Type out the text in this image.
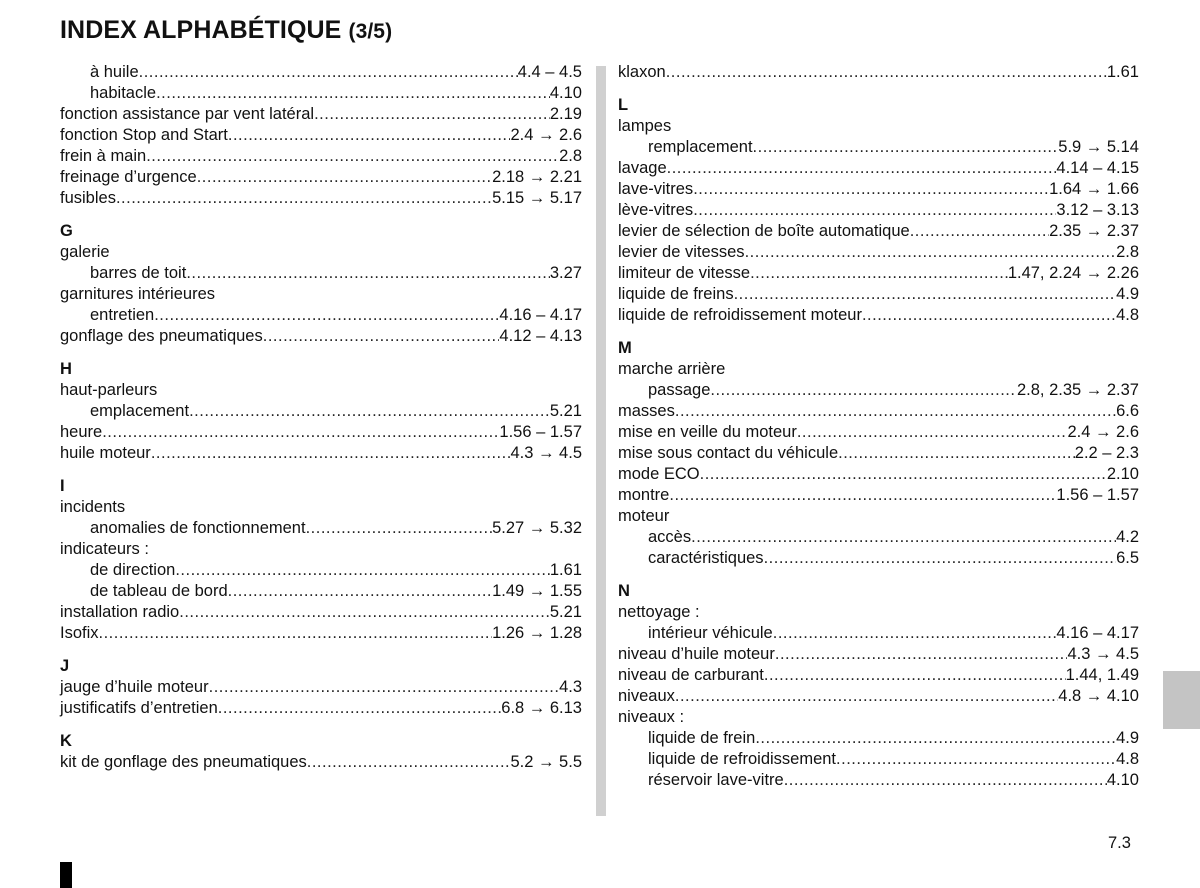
INDEX ALPHABÉTIQUE (3/5)
à huile .....	4.4 – 4.5
habitacle .....	4.10
fonction assistance par vent latéral .....	2.19
fonction Stop and Start .....	2.4 → 2.6
frein à main .....	2.8
freinage d’urgence .....	2.18 → 2.21
fusibles .....	5.15 → 5.17
G
galerie
barres de toit .....	3.27
garnitures intérieures
entretien .....	4.16 – 4.17
gonflage des pneumatiques .....	4.12 – 4.13
H
haut-parleurs
emplacement .....	5.21
heure .....	1.56 – 1.57
huile moteur .....	4.3 → 4.5
I
incidents
anomalies de fonctionnement .....	5.27 → 5.32
indicateurs :
de direction .....	1.61
de tableau de bord .....	1.49 → 1.55
installation radio .....	5.21
Isofix .....	1.26 → 1.28
J
jauge d’huile moteur .....	4.3
justificatifs d’entretien .....	6.8 → 6.13
K
kit de gonflage des pneumatiques .....	5.2 → 5.5
klaxon .....	1.61
L
lampes
remplacement .....	5.9 → 5.14
lavage .....	4.14 – 4.15
lave-vitres .....	1.64 → 1.66
lève-vitres .....	3.12 – 3.13
levier de sélection de boîte automatique .....	2.35 → 2.37
levier de vitesses .....	2.8
limiteur de vitesse .....	1.47, 2.24 → 2.26
liquide de freins .....	4.9
liquide de refroidissement moteur .....	4.8
M
marche arrière
passage .....	2.8, 2.35 → 2.37
masses .....	6.6
mise en veille du moteur .....	2.4 → 2.6
mise sous contact du véhicule .....	2.2 – 2.3
mode ECO .....	2.10
montre .....	1.56 – 1.57
moteur
accès .....	4.2
caractéristiques .....	6.5
N
nettoyage :
intérieur véhicule .....	4.16 – 4.17
niveau d’huile moteur .....	4.3 → 4.5
niveau de carburant .....	1.44, 1.49
niveaux .....	4.8 → 4.10
niveaux :
liquide de frein .....	4.9
liquide de refroidissement .....	4.8
réservoir lave-vitre .....	4.10
7.3
